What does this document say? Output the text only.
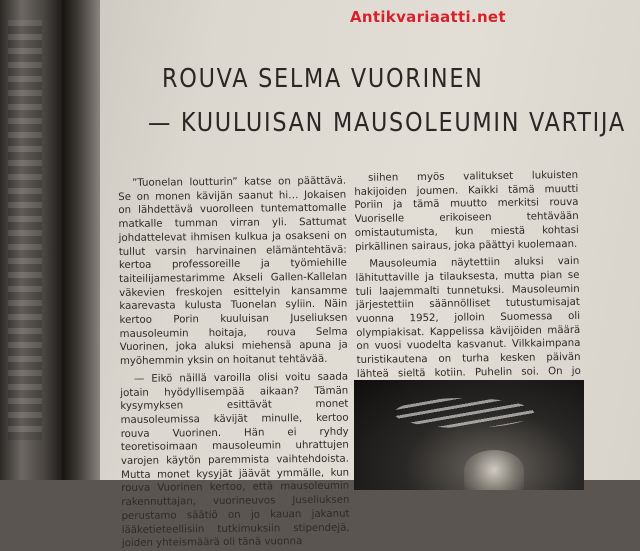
Antikvariaatti.net
ROUVA SELMA VUORINEN
— KUULUISAN MAUSOLEUMIN VARTIJA

”Tuonelan loutturin” katse on päättävä. Se on monen kävijän saanut hi… Jokaisen on lähdettävä vuorolleen tuntemattomalle matkalle tumman virran yli. Sattumat johdattelevat ihmisen kulkua ja osakseni on tullut varsin harvinainen elämäntehtävä: kertoa professoreille ja työmiehille taiteilijamestarimme Akseli Gallen-Kallelan väkevien freskojen esittelyin kansamme kaarevasta kulusta Tuonelan syliin. Näin kertoo Porin kuuluisan Juseliuksen mausoleumin hoitaja, rouva Selma Vuorinen, joka aluksi miehensä apuna ja myöhemmin yksin on hoitanut tehtävää.

— Eikö näillä varoilla olisi voitu saada jotain hyödyllisempää aikaan? Tämän kysymyksen esittävät monet mausoleumissa kävijät minulle, kertoo rouva Vuorinen. Hän ei ryhdy teoretisoimaan mausoleumin uhrattujen varojen käytön paremmista vaihtehdoista. Mutta monet kysyjät jäävät ymmälle, kun rouva Vuorinen kertoo, että mausoleumin rakennuttajan, vuorineuvos Juseliuksen perustamo säätiö on jo kauan jakanut lääketieteellisiin tutkimuksiin stipendejä, joiden yhteismäärä oli tänä vuonna

siihen myös valitukset lukuisten hakijoiden joumen. Kaikki tämä muutti Poriin ja tämä muutto merkitsi rouva Vuoriselle erikoiseen tehtävään omistautumista, kun miestä kohtasi pirkällinen sairaus, joka päättyi kuolemaan.

Mausoleumia näytettiin aluksi vain lähituttaville ja tilauksesta, mutta pian se tuli laajemmalti tunnetuksi. Mausoleumin järjestettiin säännölliset tutustumisajat vuonna 1952, jolloin Suomessa oli olympiakisat. Kappelissa kävijöiden määrä on vuosi vuodelta kasvanut. Vilkkaimpana turistikautena on turha kesken päivän lähteä sieltä kotiin. Puhelin soi. On jo
